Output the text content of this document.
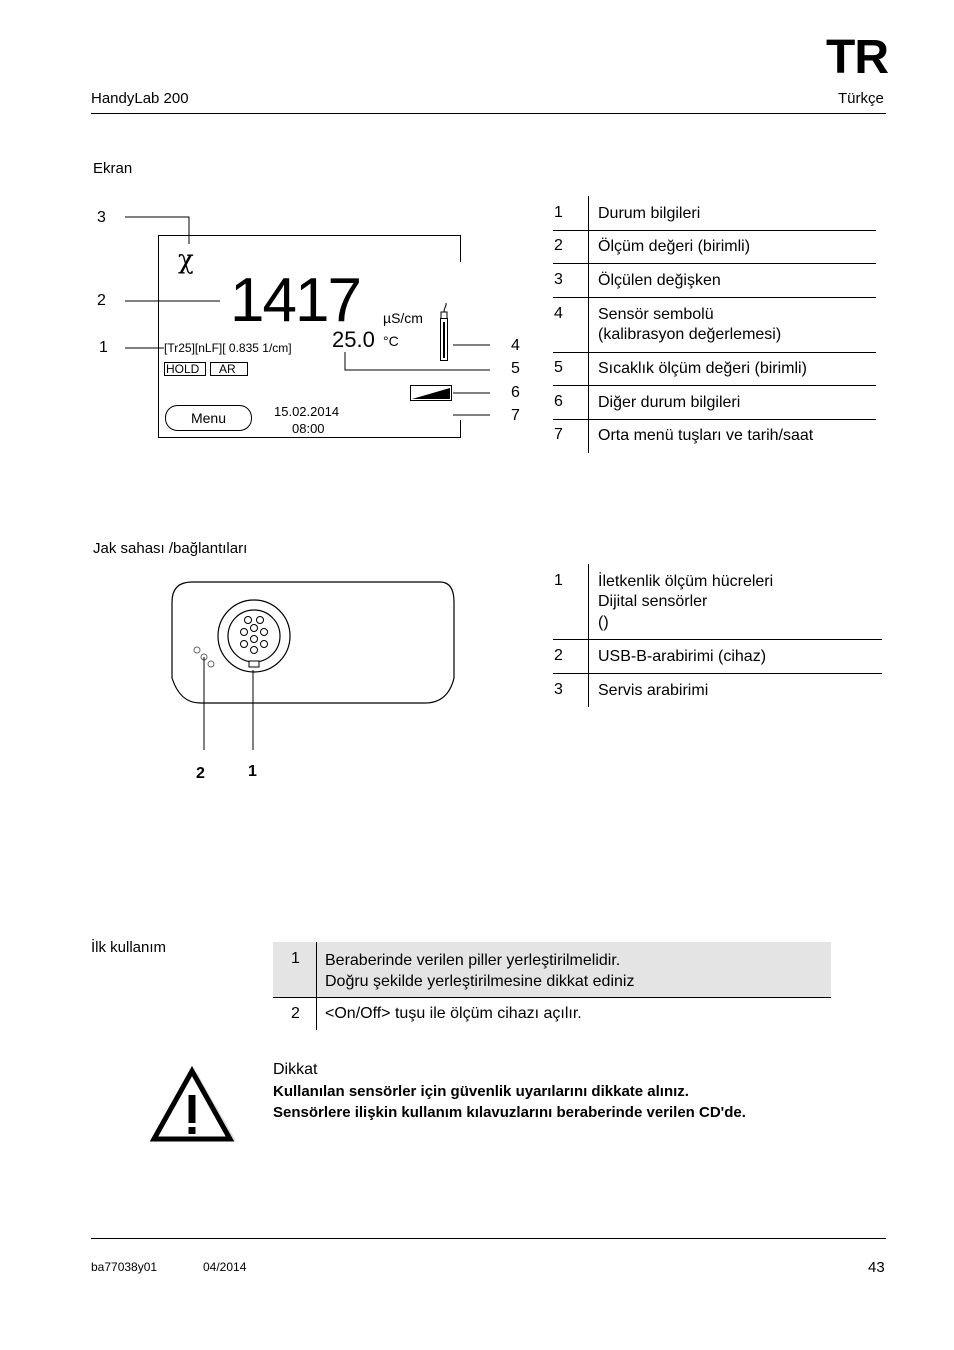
TR
HandyLab 200	Türkçe
Ekran
3
2
1	4
5
6
7
χ
1417 µS/cm
25.0 °C
[Tr25][nLF][ 0.835 1/cm]
HOLD AR
Menu	15.02.2014
08:00
1 Durum bilgileri
2 Ölçüm değeri (birimli)
3 Ölçülen değişken
4 Sensör sembolü
(kalibrasyon değerlemesi)
5 Sıcaklık ölçüm değeri (birimli)
6 Diğer durum bilgileri
7 Orta menü tuşları ve tarih/saat
Jak sahası /bağlantıları
2	1
1 İletkenlik ölçüm hücreleri
Dijital sensörler
()
2 USB-B-arabirimi (cihaz)
3 Servis arabirimi
İlk kullanım
1 Beraberinde verilen piller yerleştirilmelidir.
Doğru şekilde yerleştirilmesine dikkat ediniz
2 <On/Off> tuşu ile ölçüm cihazı açılır.
Dikkat
Kullanılan sensörler için güvenlik uyarılarını dikkate alınız.
Sensörlere ilişkin kullanım kılavuzlarını beraberinde verilen CD'de.
ba77038y01	04/2014	43
